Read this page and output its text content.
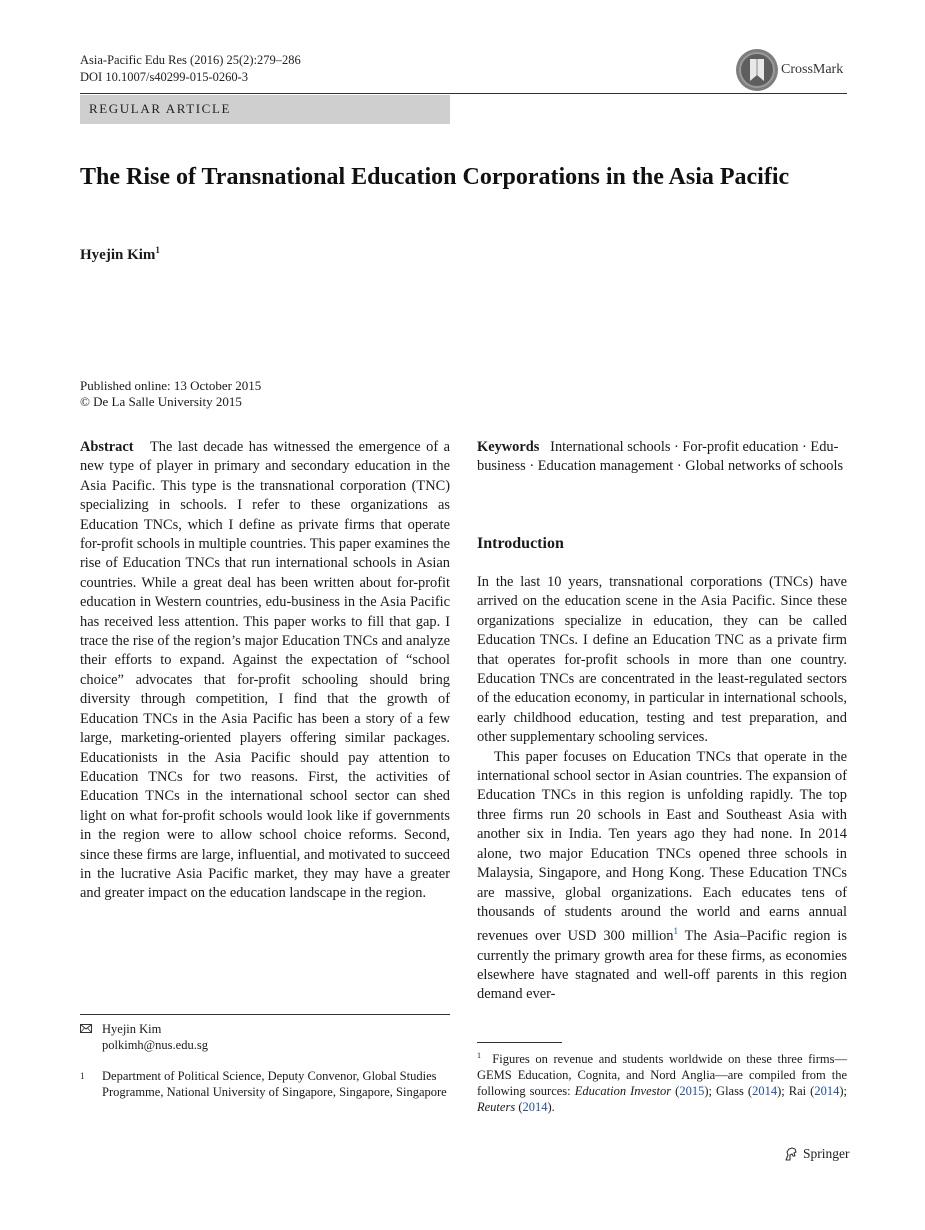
Asia-Pacific Edu Res (2016) 25(2):279–286
DOI 10.1007/s40299-015-0260-3	CrossMark
REGULAR ARTICLE
The Rise of Transnational Education Corporations in the Asia Pacific
Hyejin Kim$^1$
Published online: 13 October 2015
© De La Salle University 2015

Abstract The last decade has witnessed the emergence of a new type of player in primary and secondary education in the Asia Pacific. This type is the transnational corporation (TNC) specializing in schools. I refer to these organizations as Education TNCs, which I define as private firms that operate for-profit schools in multiple countries. This paper examines the rise of Education TNCs that run international schools in Asian countries. While a great deal has been written about for-profit education in Western countries, edu-business in the Asia Pacific has received less attention. This paper works to fill that gap. I trace the rise of the region’s major Education TNCs and analyze their efforts to expand. Against the expectation of “school choice” advocates that for-profit schooling should bring diversity through competition, I find that the growth of Education TNCs in the Asia Pacific has been a story of a few large, marketing-oriented players offering similar packages. Educationists in the Asia Pacific should pay attention to Education TNCs for two reasons. First, the activities of Education TNCs in the international school sector can shed light on what for-profit schools would look like if governments in the region were to allow school choice reforms. Second, since these firms are large, influential, and motivated to succeed in the lucrative Asia Pacific market, they may have a greater and greater impact on the education landscape in the region.

Keywords International schools · For-profit education · Edu-business · Education management · Global networks of schools
Introduction

In the last 10 years, transnational corporations (TNCs) have arrived on the education scene in the Asia Pacific. Since these organizations specialize in education, they can be called Education TNCs. I define an Education TNC as a private firm that operates for-profit schools in more than one country. Education TNCs are concentrated in the least-regulated sectors of the education economy, in particular in international schools, early childhood education, testing and test preparation, and other supplementary schooling services.

This paper focuses on Education TNCs that operate in the international school sector in Asian countries. The expansion of Education TNCs in this region is unfolding rapidly. The top three firms run 20 schools in East and Southeast Asia with another six in India. Ten years ago they had none. In 2014 alone, two major Education TNCs opened three schools in Malaysia, Singapore, and Hong Kong. These Education TNCs are massive, global organizations. Each educates tens of thousands of students around the world and earns annual revenues over USD 300 million$^1$ The Asia–Pacific region is currently the primary growth area for these firms, as economies elsewhere have stagnated and well-off parents in this region demand ever-

Hyejin Kim
polkimh@nus.edu.sg
1 Department of Political Science, Deputy Convenor, Global Studies Programme, National University of Singapore, Singapore, Singapore
$^1$ Figures on revenue and students worldwide on these three firms—GEMS Education, Cognita, and Nord Anglia—are compiled from the following sources: Education Investor (2015); Glass (2014); Rai (2014); Reuters (2014).
Springer
